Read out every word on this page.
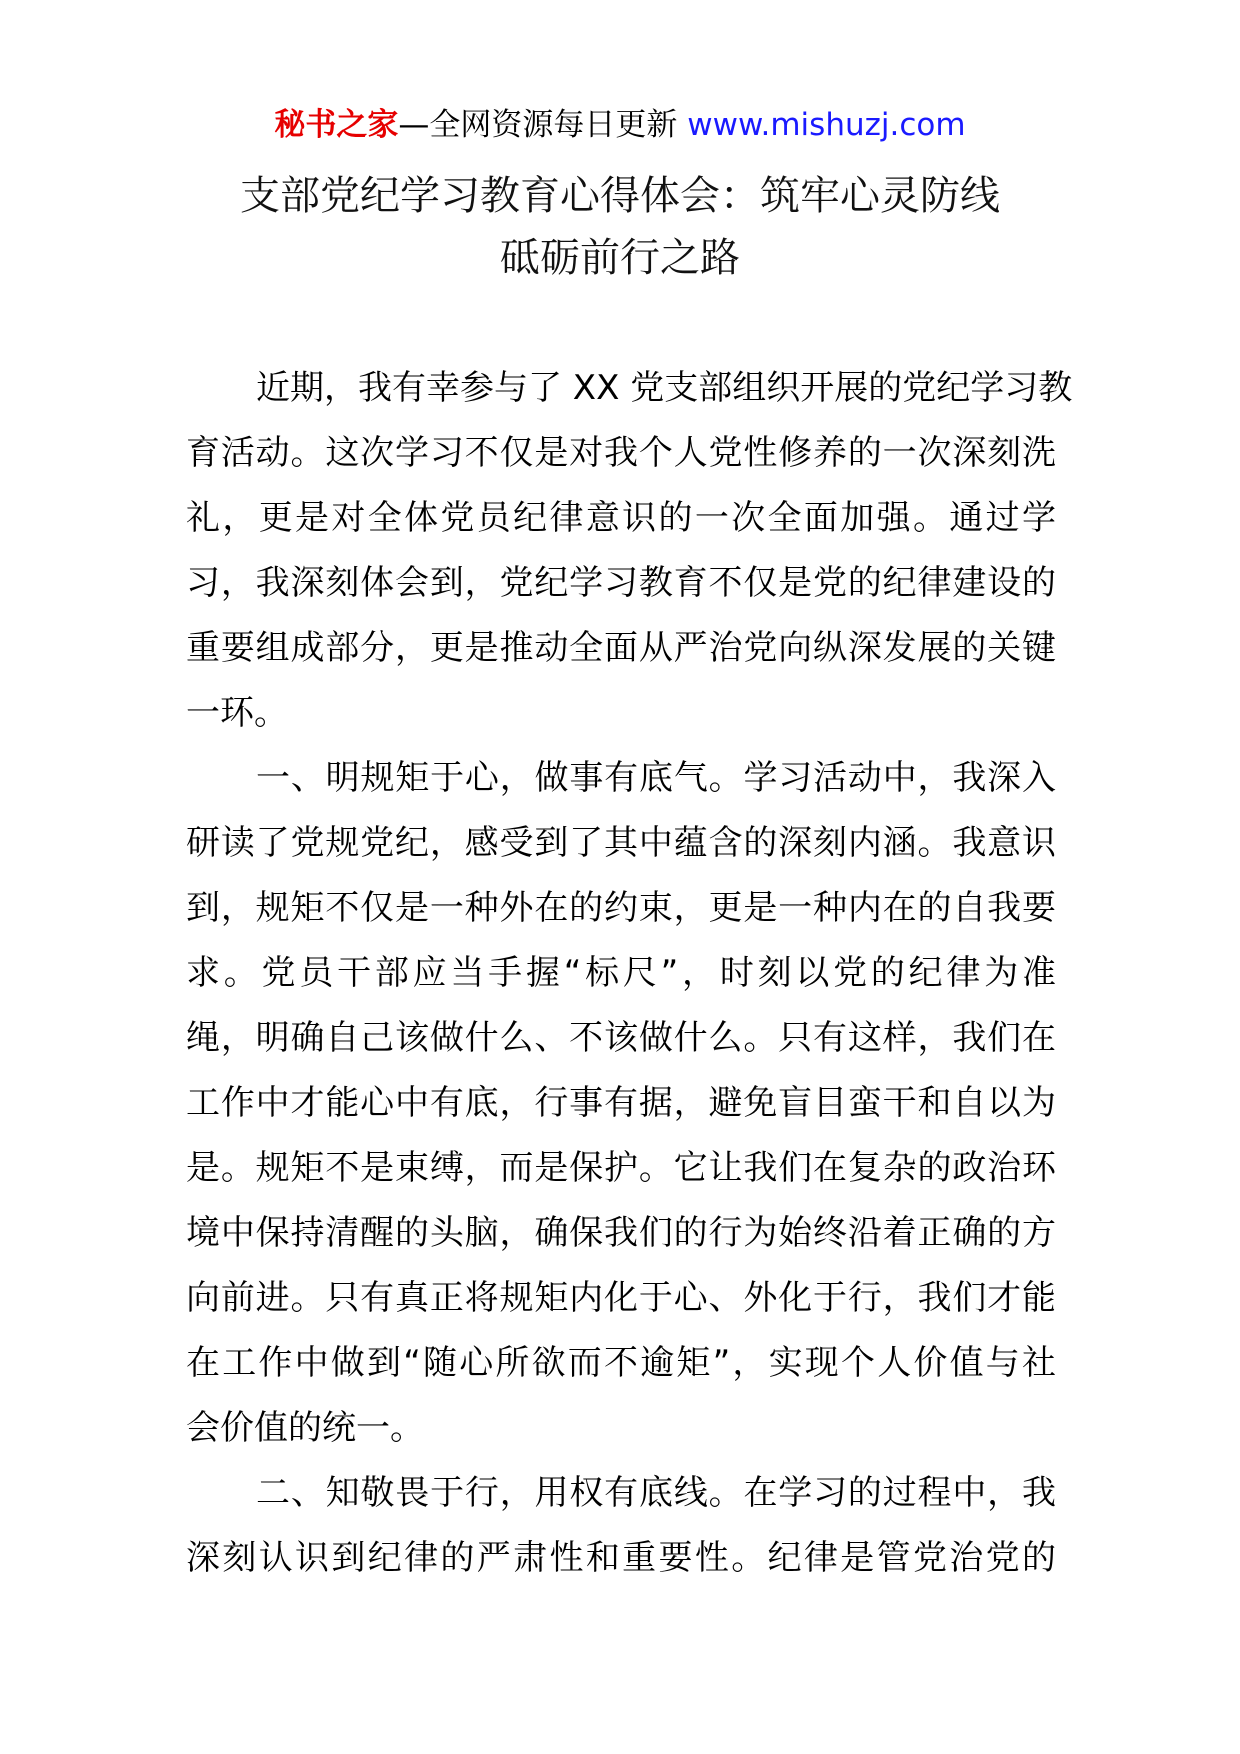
秘书之家—全网资源每日更新 www.mishuzj.com
支部党纪学习教育心得体会：筑牢心灵防线
砥砺前行之路
近期，我有幸参与了 XX 党支部组织开展的党纪学习教
育活动。这次学习不仅是对我个人党性修养的一次深刻洗
礼，更是对全体党员纪律意识的一次全面加强。通过学
习，我深刻体会到，党纪学习教育不仅是党的纪律建设的
重要组成部分，更是推动全面从严治党向纵深发展的关键
一环。
一、明规矩于心，做事有底气。学习活动中，我深入
研读了党规党纪，感受到了其中蕴含的深刻内涵。我意识
到，规矩不仅是一种外在的约束，更是一种内在的自我要
求。党员干部应当手握“标尺”，时刻以党的纪律为准
绳，明确自己该做什么、不该做什么。只有这样，我们在
工作中才能心中有底，行事有据，避免盲目蛮干和自以为
是。规矩不是束缚，而是保护。它让我们在复杂的政治环
境中保持清醒的头脑，确保我们的行为始终沿着正确的方
向前进。只有真正将规矩内化于心、外化于行，我们才能
在工作中做到“随心所欲而不逾矩”，实现个人价值与社
会价值的统一。
二、知敬畏于行，用权有底线。在学习的过程中，我
深刻认识到纪律的严肃性和重要性。纪律是管党治党的
